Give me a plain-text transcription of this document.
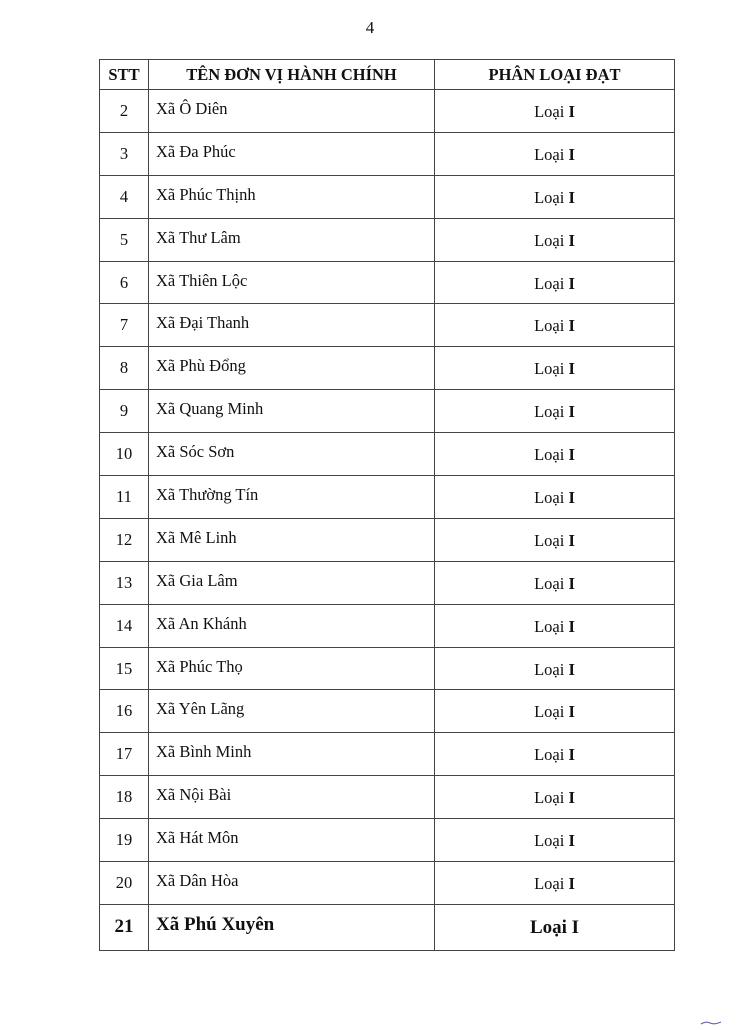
4
STT	TÊN ĐƠN VỊ HÀNH CHÍNH	PHÂN LOẠI ĐẠT
2	Xã Ô Diên	Loại I
3	Xã Đa Phúc	Loại I
4	Xã Phúc Thịnh	Loại I
5	Xã Thư Lâm	Loại I
6	Xã Thiên Lộc	Loại I
7	Xã Đại Thanh	Loại I
8	Xã Phù Đổng	Loại I
9	Xã Quang Minh	Loại I
10	Xã Sóc Sơn	Loại I
11	Xã Thường Tín	Loại I
12	Xã Mê Linh	Loại I
13	Xã Gia Lâm	Loại I
14	Xã An Khánh	Loại I
15	Xã Phúc Thọ	Loại I
16	Xã Yên Lãng	Loại I
17	Xã Bình Minh	Loại I
18	Xã Nội Bài	Loại I
19	Xã Hát Môn	Loại I
20	Xã Dân Hòa	Loại I
21	Xã Phú Xuyên	Loại I
